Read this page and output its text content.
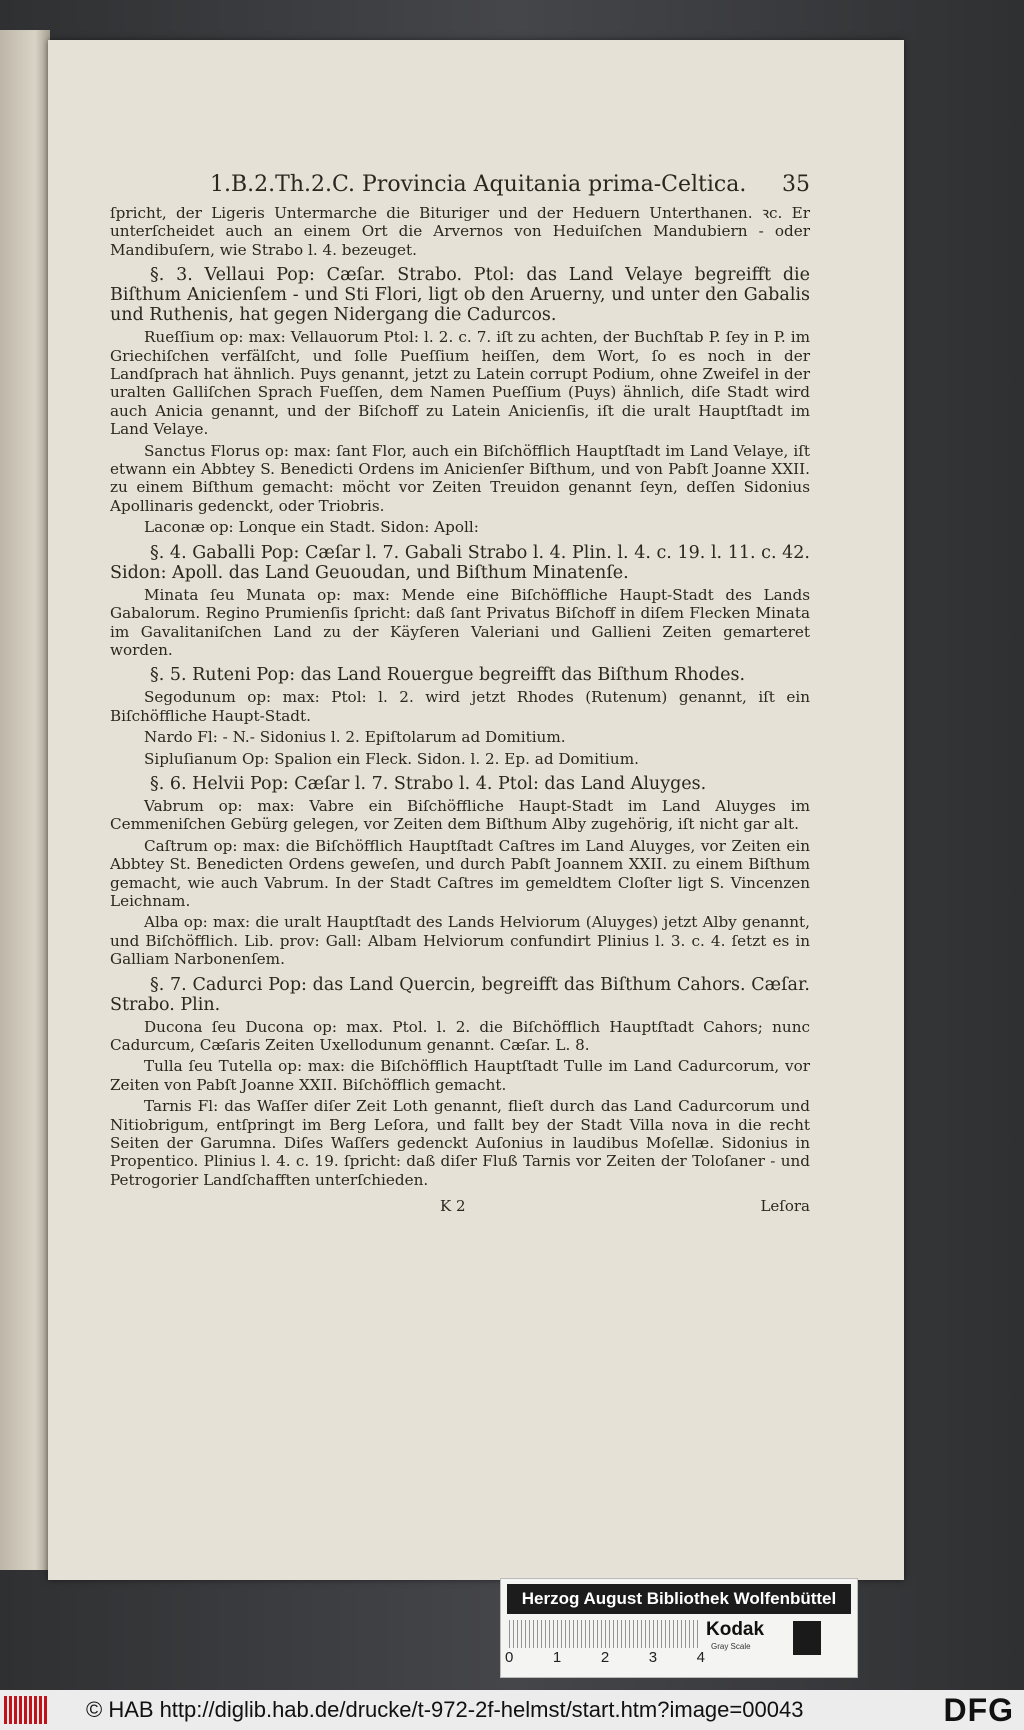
1.B.2.Th.2.C. Provincia Aquitania prima-Celtica. 35

ſpricht, der Ligeris Untermarche die Bituriger und der Heduern Unterthanen. ꝛc. Er unterſcheidet auch an einem Ort die Arvernos von Heduiſchen Mandubiern - oder Mandibuſern, wie Strabo l. 4. bezeuget.

§. 3. Vellaui Pop: Cæſar. Strabo. Ptol: das Land Velaye begreifft die Biſthum Anicienſem - und Sti Flori, ligt ob den Aruerny, und unter den Gabalis und Ruthenis, hat gegen Nidergang die Cadurcos.

Rueſſium op: max: Vellauorum Ptol: l. 2. c. 7. iſt zu achten, der Buchſtab P. ſey in P. im Griechiſchen verfälſcht, und ſolle Pueſſium heiſſen, dem Wort, ſo es noch in der Landſprach hat ähnlich. Puys genannt, jetzt zu Latein corrupt Podium, ohne Zweifel in der uralten Galliſchen Sprach Fueſſen, dem Namen Pueſſium (Puys) ähnlich, diſe Stadt wird auch Anicia genannt, und der Biſchoff zu Latein Anicienſis, iſt die uralt Hauptſtadt im Land Velaye.

Sanctus Florus op: max: ſant Flor, auch ein Biſchöfflich Hauptſtadt im Land Velaye, iſt etwann ein Abbtey S. Benedicti Ordens im Anicienſer Biſthum, und von Pabſt Joanne XXII. zu einem Biſthum gemacht: möcht vor Zeiten Treuidon genannt ſeyn, deſſen Sidonius Apollinaris gedenckt, oder Triobris.

Laconæ op: Lonque ein Stadt. Sidon: Apoll:

§. 4. Gaballi Pop: Cæſar l. 7. Gabali Strabo l. 4. Plin. l. 4. c. 19. l. 11. c. 42. Sidon: Apoll. das Land Geuoudan, und Biſthum Minatenſe.

Minata ſeu Munata op: max: Mende eine Biſchöffliche Haupt-Stadt des Lands Gabalorum. Regino Prumienſis ſpricht: daß ſant Privatus Biſchoff in diſem Flecken Minata im Gavalitaniſchen Land zu der Käyſeren Valeriani und Gallieni Zeiten gemarteret worden.

§. 5. Ruteni Pop: das Land Rouergue begreifft das Biſthum Rhodes.

Segodunum op: max: Ptol: l. 2. wird jetzt Rhodes (Rutenum) genannt, iſt ein Biſchöffliche Haupt-Stadt.

Nardo Fl: - N.- Sidonius l. 2. Epiſtolarum ad Domitium.

Sipluſianum Op: Spalion ein Fleck. Sidon. l. 2. Ep. ad Domitium.

§. 6. Helvii Pop: Cæſar l. 7. Strabo l. 4. Ptol: das Land Aluyges.

Vabrum op: max: Vabre ein Biſchöffliche Haupt-Stadt im Land Aluyges im Cemmeniſchen Gebürg gelegen, vor Zeiten dem Biſthum Alby zugehörig, iſt nicht gar alt.

Caſtrum op: max: die Biſchöfflich Hauptſtadt Caſtres im Land Aluyges, vor Zeiten ein Abbtey St. Benedicten Ordens geweſen, und durch Pabſt Joannem XXII. zu einem Biſthum gemacht, wie auch Vabrum. In der Stadt Caſtres im gemeldtem Cloſter ligt S. Vincenzen Leichnam.

Alba op: max: die uralt Hauptſtadt des Lands Helviorum (Aluyges) jetzt Alby genannt, und Biſchöfflich. Lib. prov: Gall: Albam Helviorum confundirt Plinius l. 3. c. 4. ſetzt es in Galliam Narbonenſem.

§. 7. Cadurci Pop: das Land Quercin, begreifft das Biſthum Cahors. Cæſar. Strabo. Plin.

Ducona ſeu Ducona op: max. Ptol. l. 2. die Biſchöfflich Hauptſtadt Cahors; nunc Cadurcum, Cæſaris Zeiten Uxellodunum genannt. Cæſar. L. 8.

Tulla ſeu Tutella op: max: die Biſchöfflich Hauptſtadt Tulle im Land Cadurcorum, vor Zeiten von Pabſt Joanne XXII. Biſchöfflich gemacht.

Tarnis Fl: das Waſſer diſer Zeit Loth genannt, flieſt durch das Land Cadurcorum und Nitiobrigum, entſpringt im Berg Leſora, und fallt bey der Stadt Villa nova in die recht Seiten der Garumna. Diſes Waſſers gedenckt Auſonius in laudibus Moſellæ. Sidonius in Propentico. Plinius l. 4. c. 19. ſpricht: daß diſer Fluß Tarnis vor Zeiten der Toloſaner - und Petrogorier Landſchafften unterſchieden.

K 2	Leſora
Herzog August Bibliothek Wolfenbüttel
0	1	2	3	4
Kodak
Gray Scale
© HAB http://diglib.hab.de/drucke/t-972-2f-helmst/start.htm?image=00043	DFG
